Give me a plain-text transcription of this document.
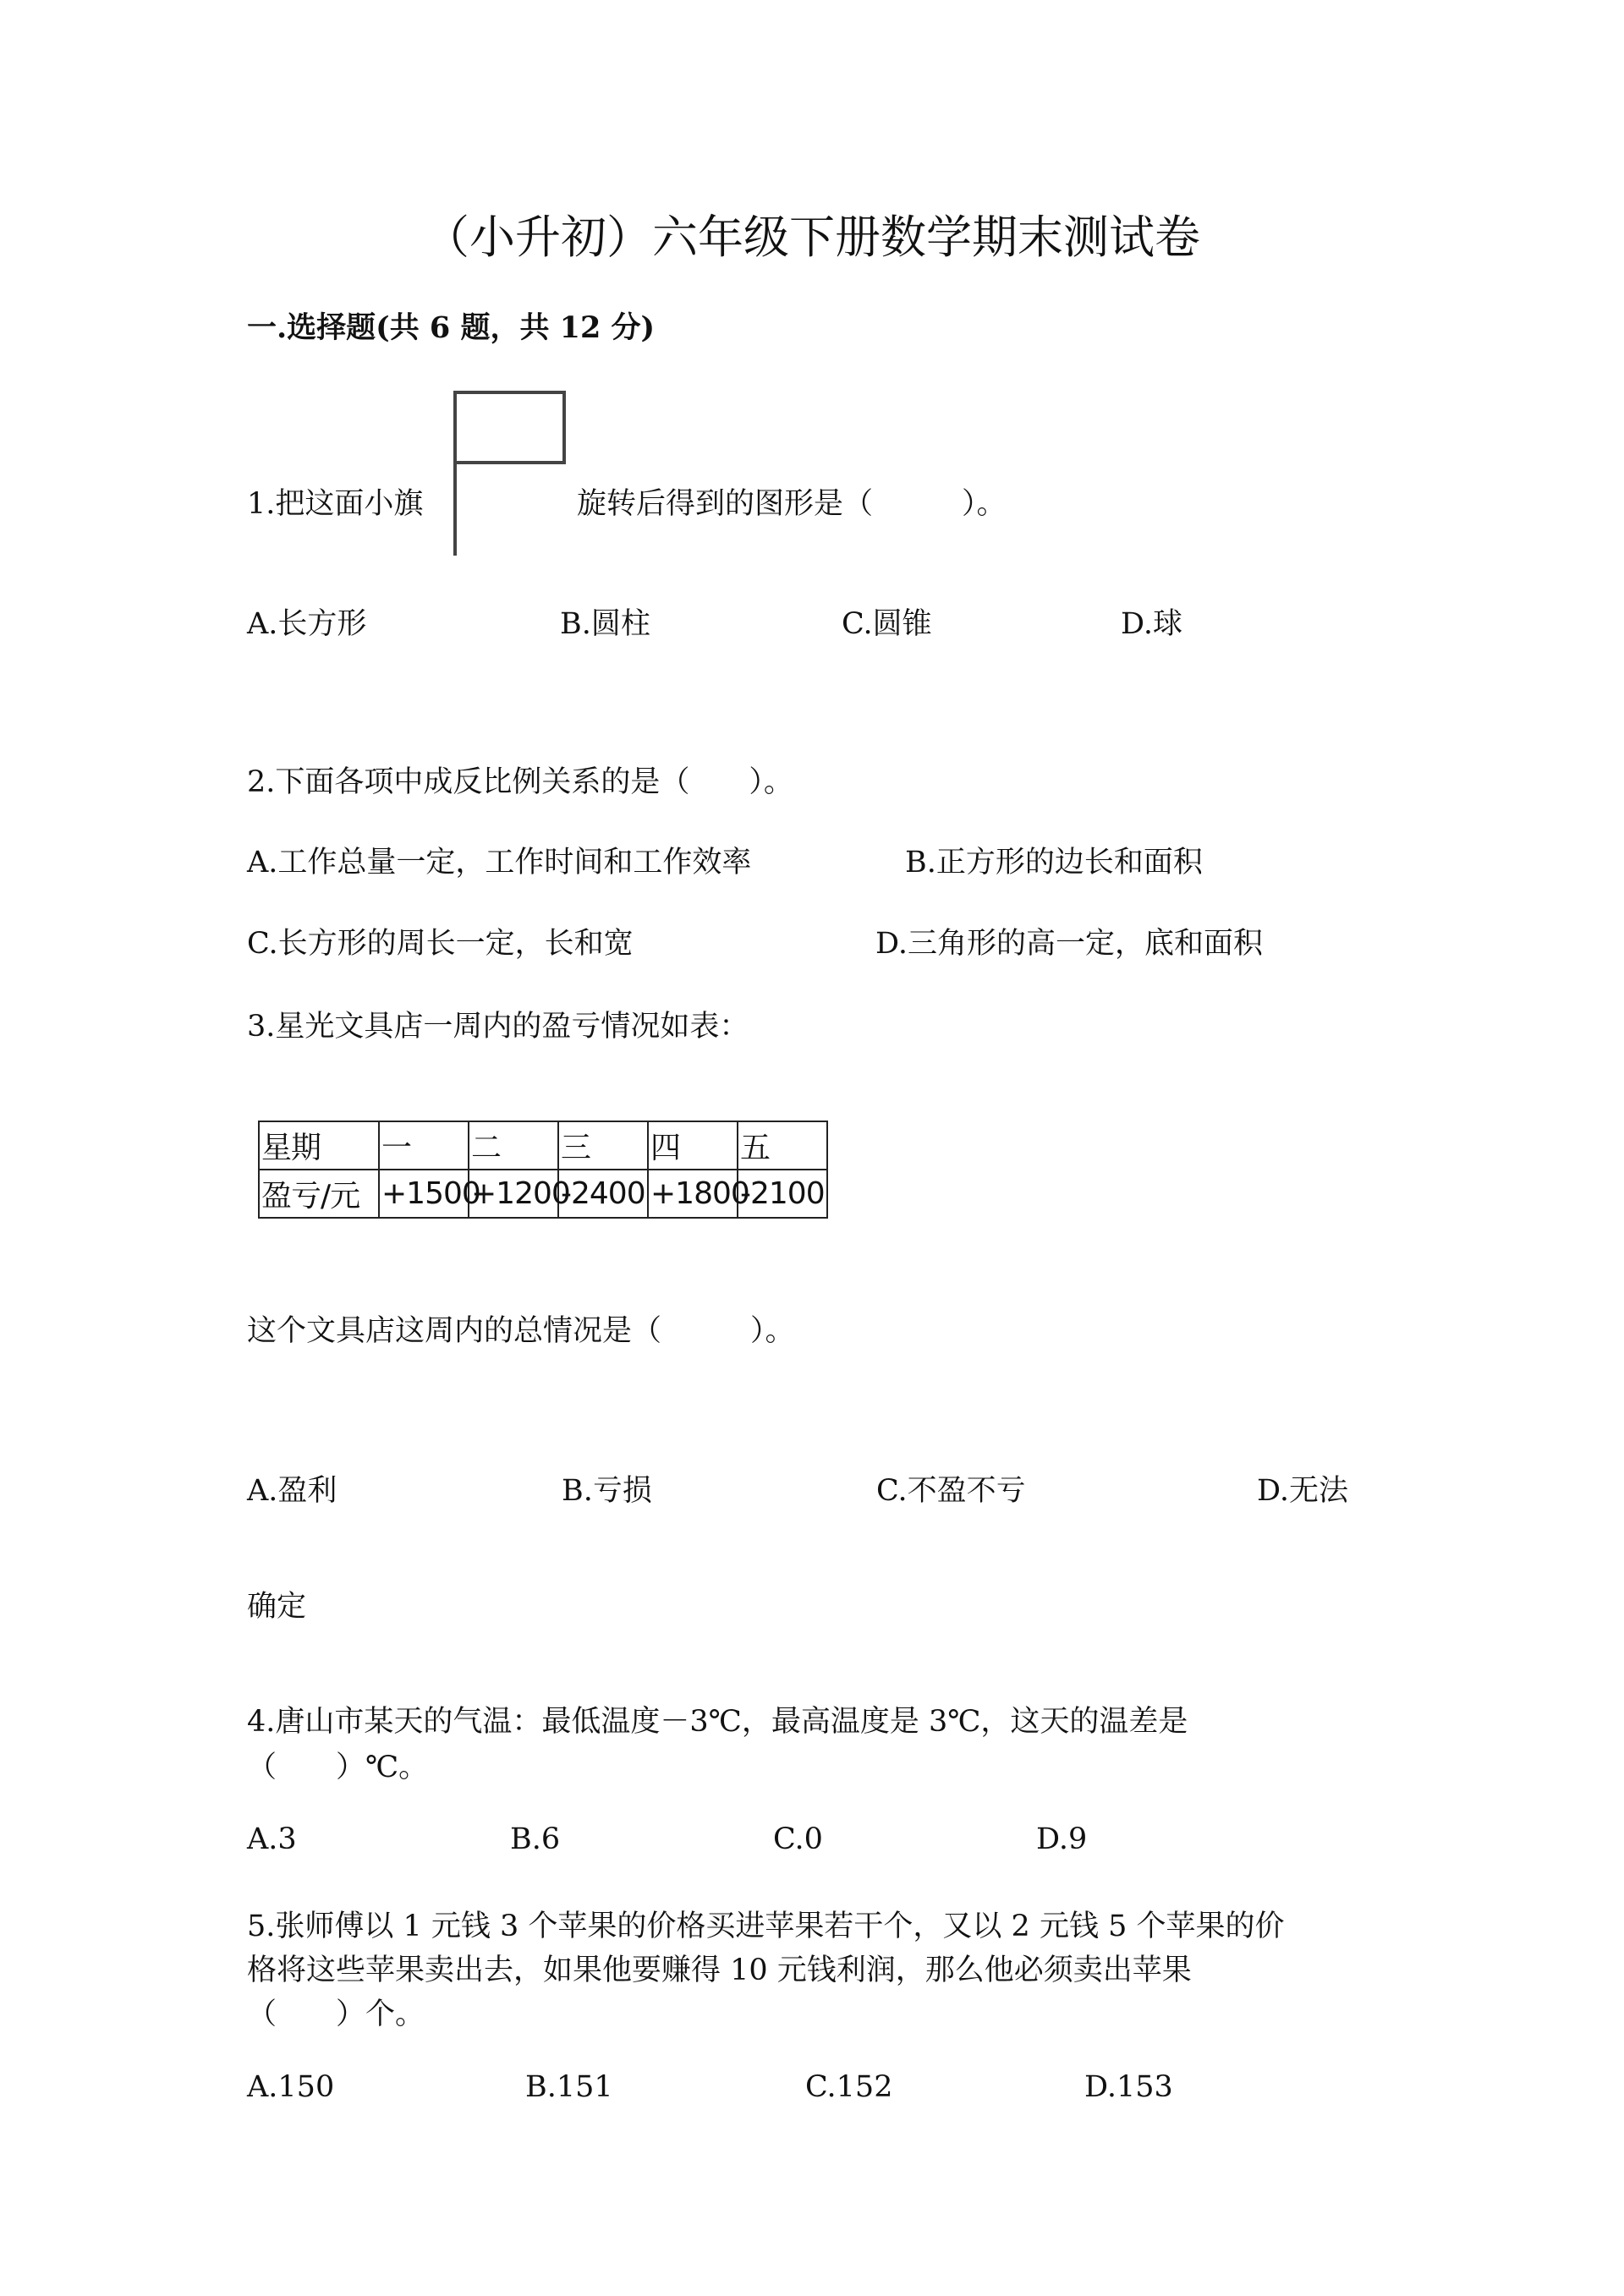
（小升初）六年级下册数学期末测试卷
一.选择题(共 6 题，共 12 分)
1.把这面小旗	旋转后得到的图形是（　　　）。
A.长方形	B.圆柱	C.圆锥	D.球
2.下面各项中成反比例关系的是（　　）。
A.工作总量一定，工作时间和工作效率	B.正方形的边长和面积
C.长方形的周长一定，长和宽	D.三角形的高一定，底和面积
3.星光文具店一周内的盈亏情况如表：
星期	一	二	三	四	五
盈亏/元	+1500	+1200	-2400	+1800	-2100
这个文具店这周内的总情况是（　　　）。
A.盈利	B.亏损	C.不盈不亏	D.无法
确定
4.唐山市某天的气温：最低温度－3℃，最高温度是 3℃，这天的温差是
（　　）℃。
A.3	B.6	C.0	D.9
5.张师傅以 1 元钱 3 个苹果的价格买进苹果若干个，又以 2 元钱 5 个苹果的价
格将这些苹果卖出去，如果他要赚得 10 元钱利润，那么他必须卖出苹果
（　　）个。
A.150	B.151	C.152	D.153
